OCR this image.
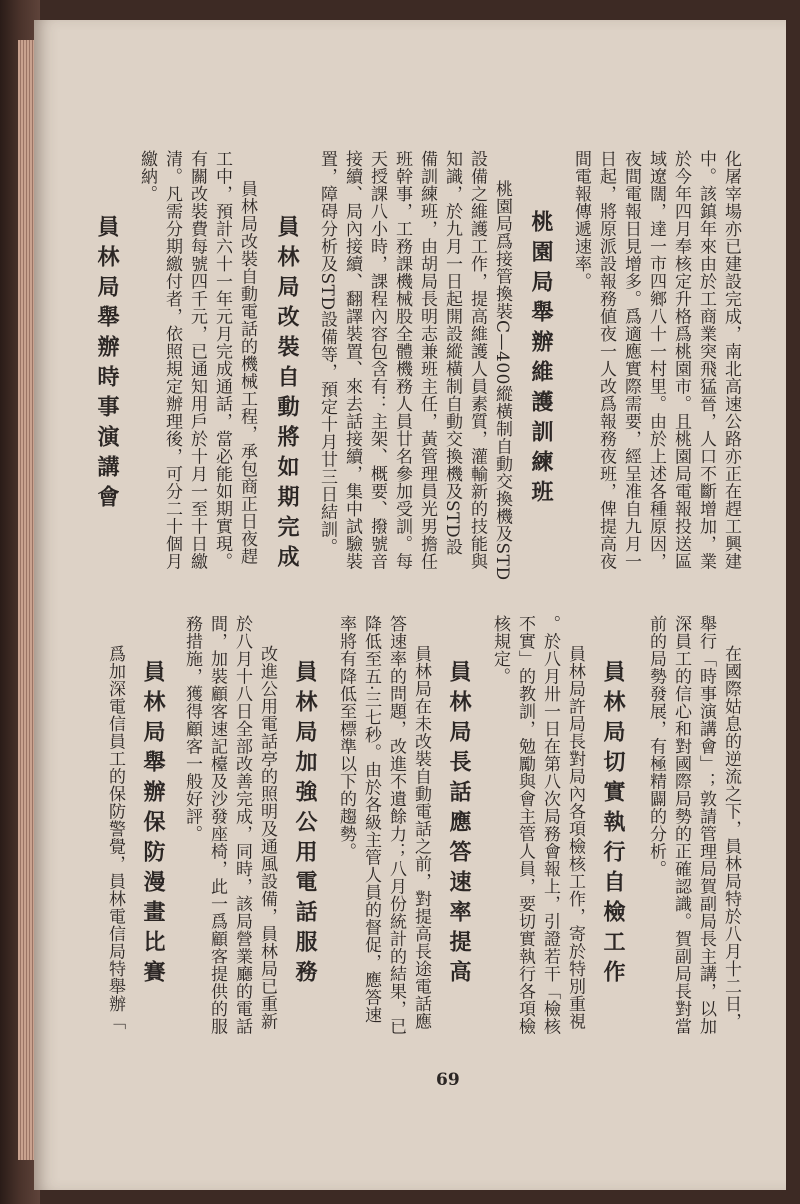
化屠宰場亦已建設完成，南北高速公路亦正在趕工興建
中。該鎮年來由於工商業突飛猛晉，人口不斷增加，業
於今年四月奉核定升格爲桃園市。且桃園局電報投送區
域遼闊，達一市四鄉八十一村里。由於上述各種原因，
夜間電報日見增多。爲適應實際需要，經呈准自九月一
日起，將原派設報務値夜一人改爲報務夜班，俾提高夜
間電報傳遞速率。
桃園局舉辦維護訓練班
桃園局爲接管換裝C—400縱橫制自動交換機及STD
設備之維護工作，提高維護人員素質，灌輸新的技能與
知識，於九月一日起開設縱橫制自動交換機及STD設
備訓練班，由胡局長明志兼班主任，黃管理員光男擔任
班幹事，工務課機械股全體機務人員廿名參加受訓。每
天授課八小時，課程內容包含有：主架、概要、撥號音
接續、局內接續、翻譯裝置、來去話接續，集中試驗裝
置，障碍分析及STD設備等，預定十月廿三日結訓。
員林局改裝自動將如期完成
員林局改裝自動電話的機械工程，承包商正日夜趕
工中，預計六十一年元月完成通話，當必能如期實現。
有關改裝費每號四千元，已通知用戶於十月一至十日繳
清。凡需分期繳付者，依照規定辦理後，可分二十個月
繳納。
員林局舉辦時事演講會
在國際姑息的逆流之下，員林局特於八月十二日，
舉行「時事演講會」；敦請管理局賀副局長主講，以加
深員工的信心和對國際局勢的正確認識。賀副局長對當
前的局勢發展，有極精闢的分析。
員林局切實執行自檢工作
員林局許局長對局內各項檢核工作，寄於特別重視
。於八月卅一日在第八次局務會報上，引證若干「檢核
不實」的教訓，勉勵與會主管人員，要切實執行各項檢
核規定。
員林局長話應答速率提高
員林局在未改裝自動電話之前，對提高長途電話應
答速率的問題，改進不遺餘力；八月份統計的結果，已
降低至五·三七秒。由於各級主管人員的督促，應答速
率將有降低至標準以下的趨勢。
員林局加強公用電話服務
改進公用電話亭的照明及通風設備，員林局已重新
於八月十八日全部改善完成，同時，該局營業廳的電話
間，加裝顧客速記檯及沙發座椅，此一爲顧客提供的服
務措施，獲得顧客一般好評。
員林局舉辦保防漫畫比賽
爲加深電信員工的保防警覺，員林電信局特舉辦「
69
